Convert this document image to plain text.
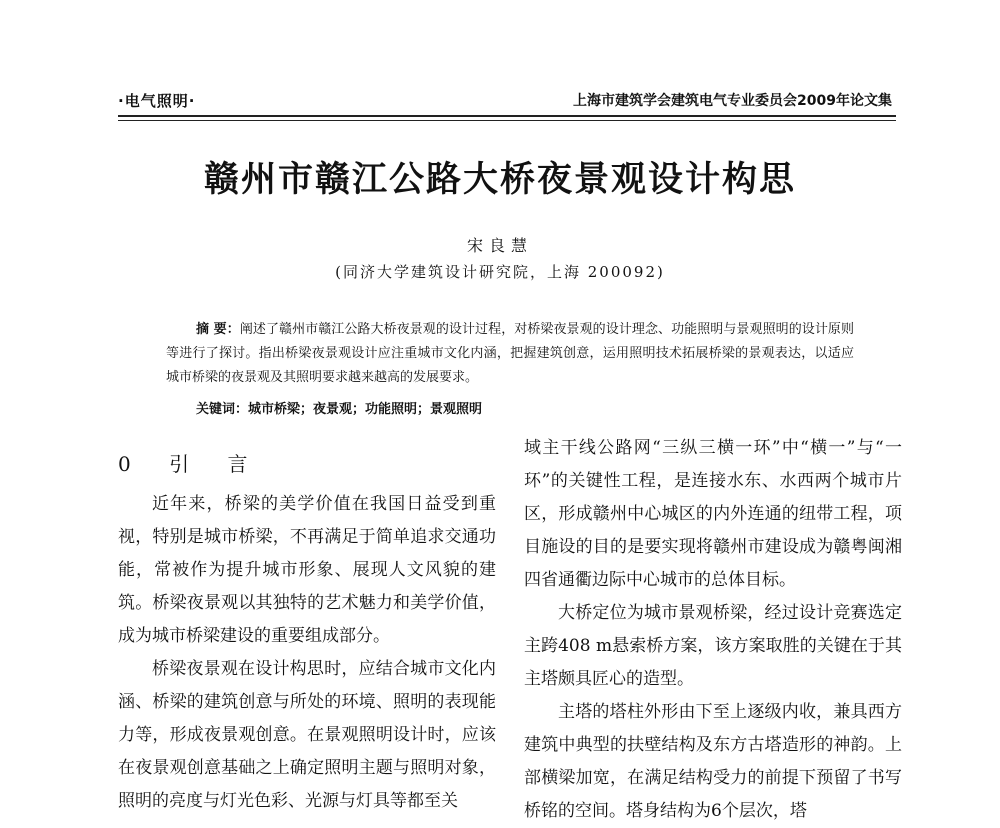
·电气照明·	上海市建筑学会建筑电气专业委员会2009年论文集
赣州市赣江公路大桥夜景观设计构思
宋良慧
(同济大学建筑设计研究院，上海 200092)
摘 要：阐述了赣州市赣江公路大桥夜景观的设计过程，对桥梁夜景观的设计理念、功能照明与景观照明的设计原则等进行了探讨。指出桥梁夜景观设计应注重城市文化内涵，把握建筑创意，运用照明技术拓展桥梁的景观表达，以适应城市桥梁的夜景观及其照明要求越来越高的发展要求。
关键词：城市桥梁；夜景观；功能照明；景观照明
0 引 言

近年来，桥梁的美学价值在我国日益受到重视，特别是城市桥梁，不再满足于简单追求交通功能，常被作为提升城市形象、展现人文风貌的建筑。桥梁夜景观以其独特的艺术魅力和美学价值，成为城市桥梁建设的重要组成部分。

桥梁夜景观在设计构思时，应结合城市文化内涵、桥梁的建筑创意与所处的环境、照明的表现能力等，形成夜景观创意。在景观照明设计时，应该在夜景观创意基础之上确定照明主题与照明对象，照明的亮度与灯光色彩、光源与灯具等都至关

域主干线公路网“三纵三横一环”中“横一”与“一环”的关键性工程，是连接水东、水西两个城市片区，形成赣州中心城区的内外连通的纽带工程，项目施设的目的是要实现将赣州市建设成为赣粤闽湘四省通衢边际中心城市的总体目标。

大桥定位为城市景观桥梁，经过设计竞赛选定主跨408 m悬索桥方案，该方案取胜的关键在于其主塔颇具匠心的造型。

主塔的塔柱外形由下至上逐级内收，兼具西方建筑中典型的扶壁结构及东方古塔造形的神韵。上部横梁加宽，在满足结构受力的前提下预留了书写桥铭的空间。塔身结构为6个层次，塔
